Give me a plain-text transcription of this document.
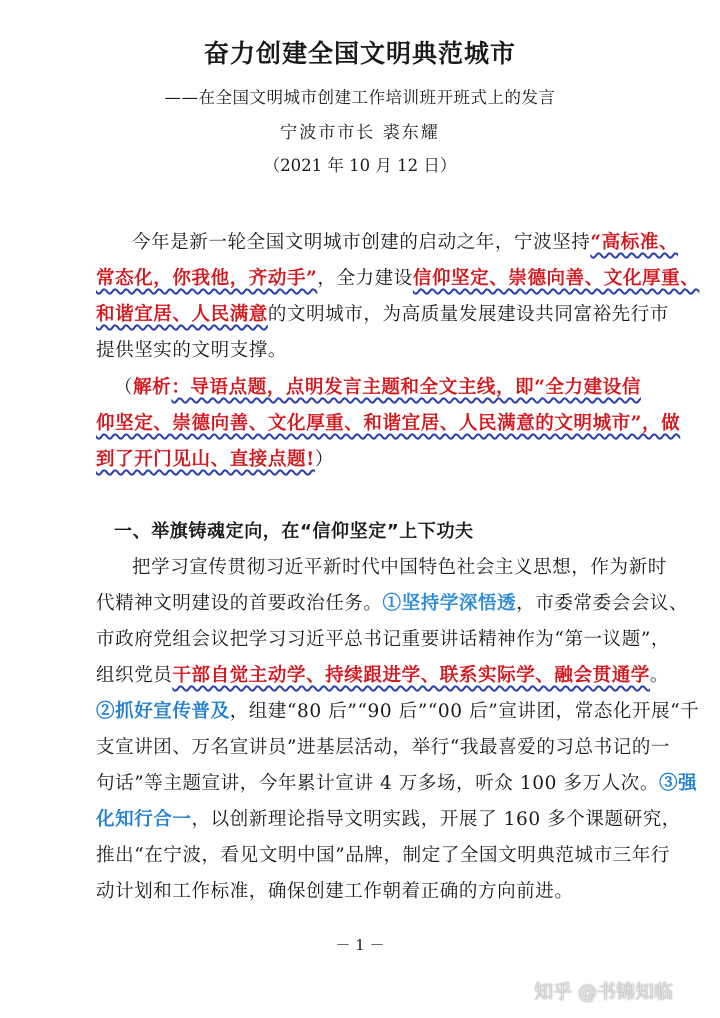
奋力创建全国文明典范城市
——在全国文明城市创建工作培训班开班式上的发言
宁波市市长 裘东耀
（2021 年 10 月 12 日）
今年是新一轮全国文明城市创建的启动之年，宁波坚持“高标准、
常态化，你我他，齐动手”，全力建设信仰坚定、崇德向善、文化厚重、
和谐宜居、人民满意的文明城市，为高质量发展建设共同富裕先行市
提供坚实的文明支撑。
（解析：导语点题，点明发言主题和全文主线，即“全力建设信
仰坚定、崇德向善、文化厚重、和谐宜居、人民满意的文明城市”，做
到了开门见山、直接点题!）
一、举旗铸魂定向，在“信仰坚定”上下功夫
把学习宣传贯彻习近平新时代中国特色社会主义思想，作为新时
代精神文明建设的首要政治任务。①坚持学深悟透，市委常委会会议、
市政府党组会议把学习习近平总书记重要讲话精神作为“第一议题”，
组织党员干部自觉主动学、持续跟进学、联系实际学、融会贯通学。
②抓好宣传普及，组建“80 后”“90 后”“00 后”宣讲团，常态化开展“千
支宣讲团、万名宣讲员”进基层活动，举行“我最喜爱的习总书记的一
句话”等主题宣讲，今年累计宣讲 4 万多场，听众 100 多万人次。③强
化知行合一，以创新理论指导文明实践，开展了 160 多个课题研究，
推出“在宁波，看见文明中国”品牌，制定了全国文明典范城市三年行
动计划和工作标准，确保创建工作朝着正确的方向前进。
－ 1 －
知乎 @书锦知临
